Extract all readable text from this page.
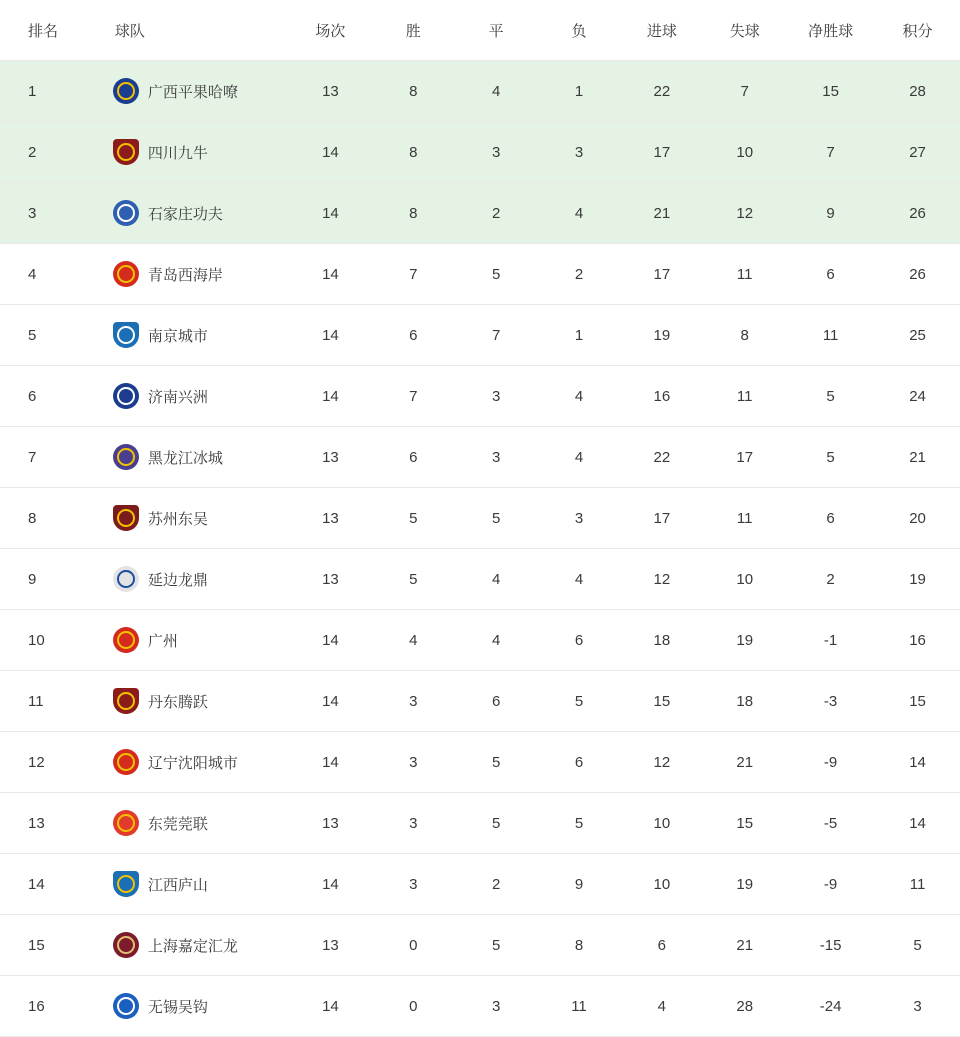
排名	球队	场次	胜	平	负	进球	失球	净胜球	积分
1	广西平果哈嘹	13	8	4	1	22	7	15	28
2	四川九牛	14	8	3	3	17	10	7	27
3	石家庄功夫	14	8	2	4	21	12	9	26
4	青岛西海岸	14	7	5	2	17	11	6	26
5	南京城市	14	6	7	1	19	8	11	25
6	济南兴洲	14	7	3	4	16	11	5	24
7	黑龙江冰城	13	6	3	4	22	17	5	21
8	苏州东吴	13	5	5	3	17	11	6	20
9	延边龙鼎	13	5	4	4	12	10	2	19
10	广州	14	4	4	6	18	19	-1	16
11	丹东腾跃	14	3	6	5	15	18	-3	15
12	辽宁沈阳城市	14	3	5	6	12	21	-9	14
13	东莞莞联	13	3	5	5	10	15	-5	14
14	江西庐山	14	3	2	9	10	19	-9	11
15	上海嘉定汇龙	13	0	5	8	6	21	-15	5
16	无锡吴钩	14	0	3	11	4	28	-24	3
